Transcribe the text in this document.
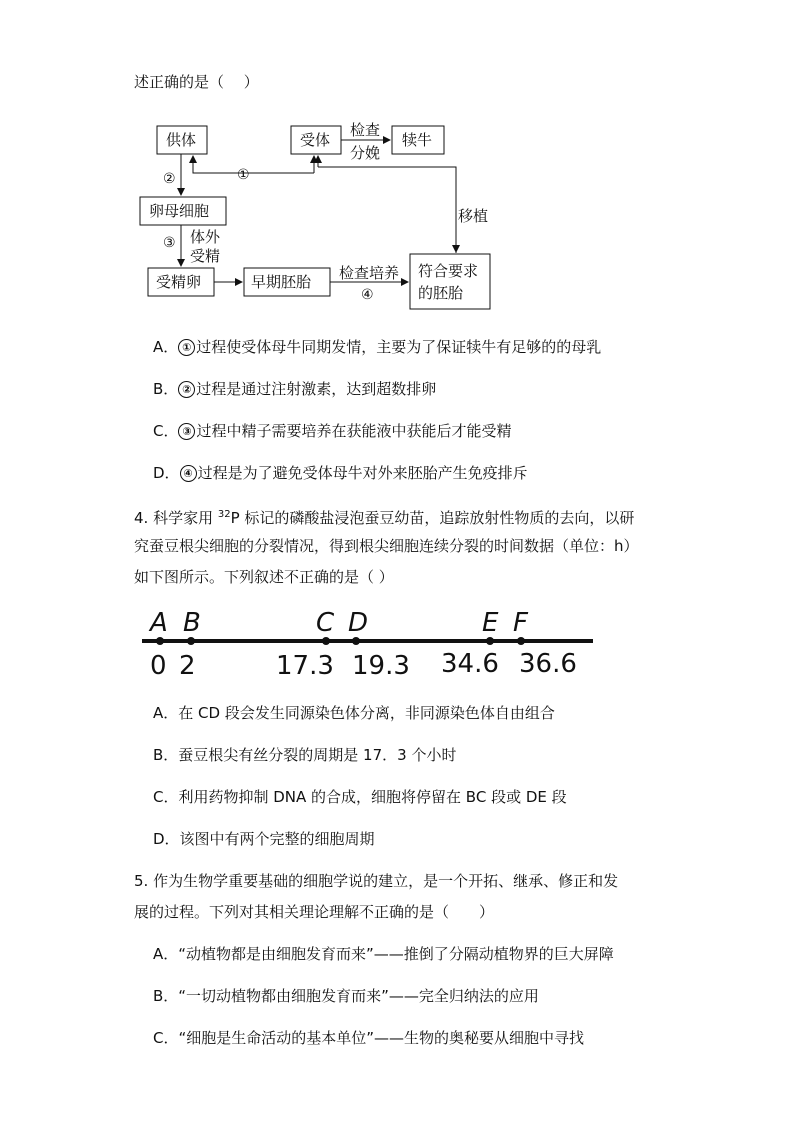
述正确的是（　 ）
供体	受体	犊牛
卵母细胞
受精卵	早期胚胎
符合要求
的胚胎
检查
分娩
移植
体外
受精
检查培养
②
③
①
④
A B	C D	E F
0 2	17.3 19.3 34.6 36.6
A． ① 过程使受体母牛同期发情，主要为了保证犊牛有足够的的母乳
B． ② 过程是通过注射激素，达到超数排卵
C． ③ 过程中精子需要培养在获能液中获能后才能受精
D． ④ 过程是为了避免受体母牛对外来胚胎产生免疫排斥
4. 科学家用 $^{32}$P 标记的磷酸盐浸泡蚕豆幼苗，追踪放射性物质的去向，以研
究蚕豆根尖细胞的分裂情况，得到根尖细胞连续分裂的时间数据（单位：h）
如下图所示。下列叙述不正确的是（ ）
A．在 CD 段会发生同源染色体分离，非同源染色体自由组合
B．蚕豆根尖有丝分裂的周期是 17．3 个小时
C．利用药物抑制 DNA 的合成，细胞将停留在 BC 段或 DE 段
D．该图中有两个完整的细胞周期
5. 作为生物学重要基础的细胞学说的建立，是一个开拓、继承、修正和发
展的过程。下列对其相关理论理解不正确的是（　　）
A．“动植物都是由细胞发育而来”——推倒了分隔动植物界的巨大屏障
B．“一切动植物都由细胞发育而来”——完全归纳法的应用
C．“细胞是生命活动的基本单位”——生物的奥秘要从细胞中寻找
